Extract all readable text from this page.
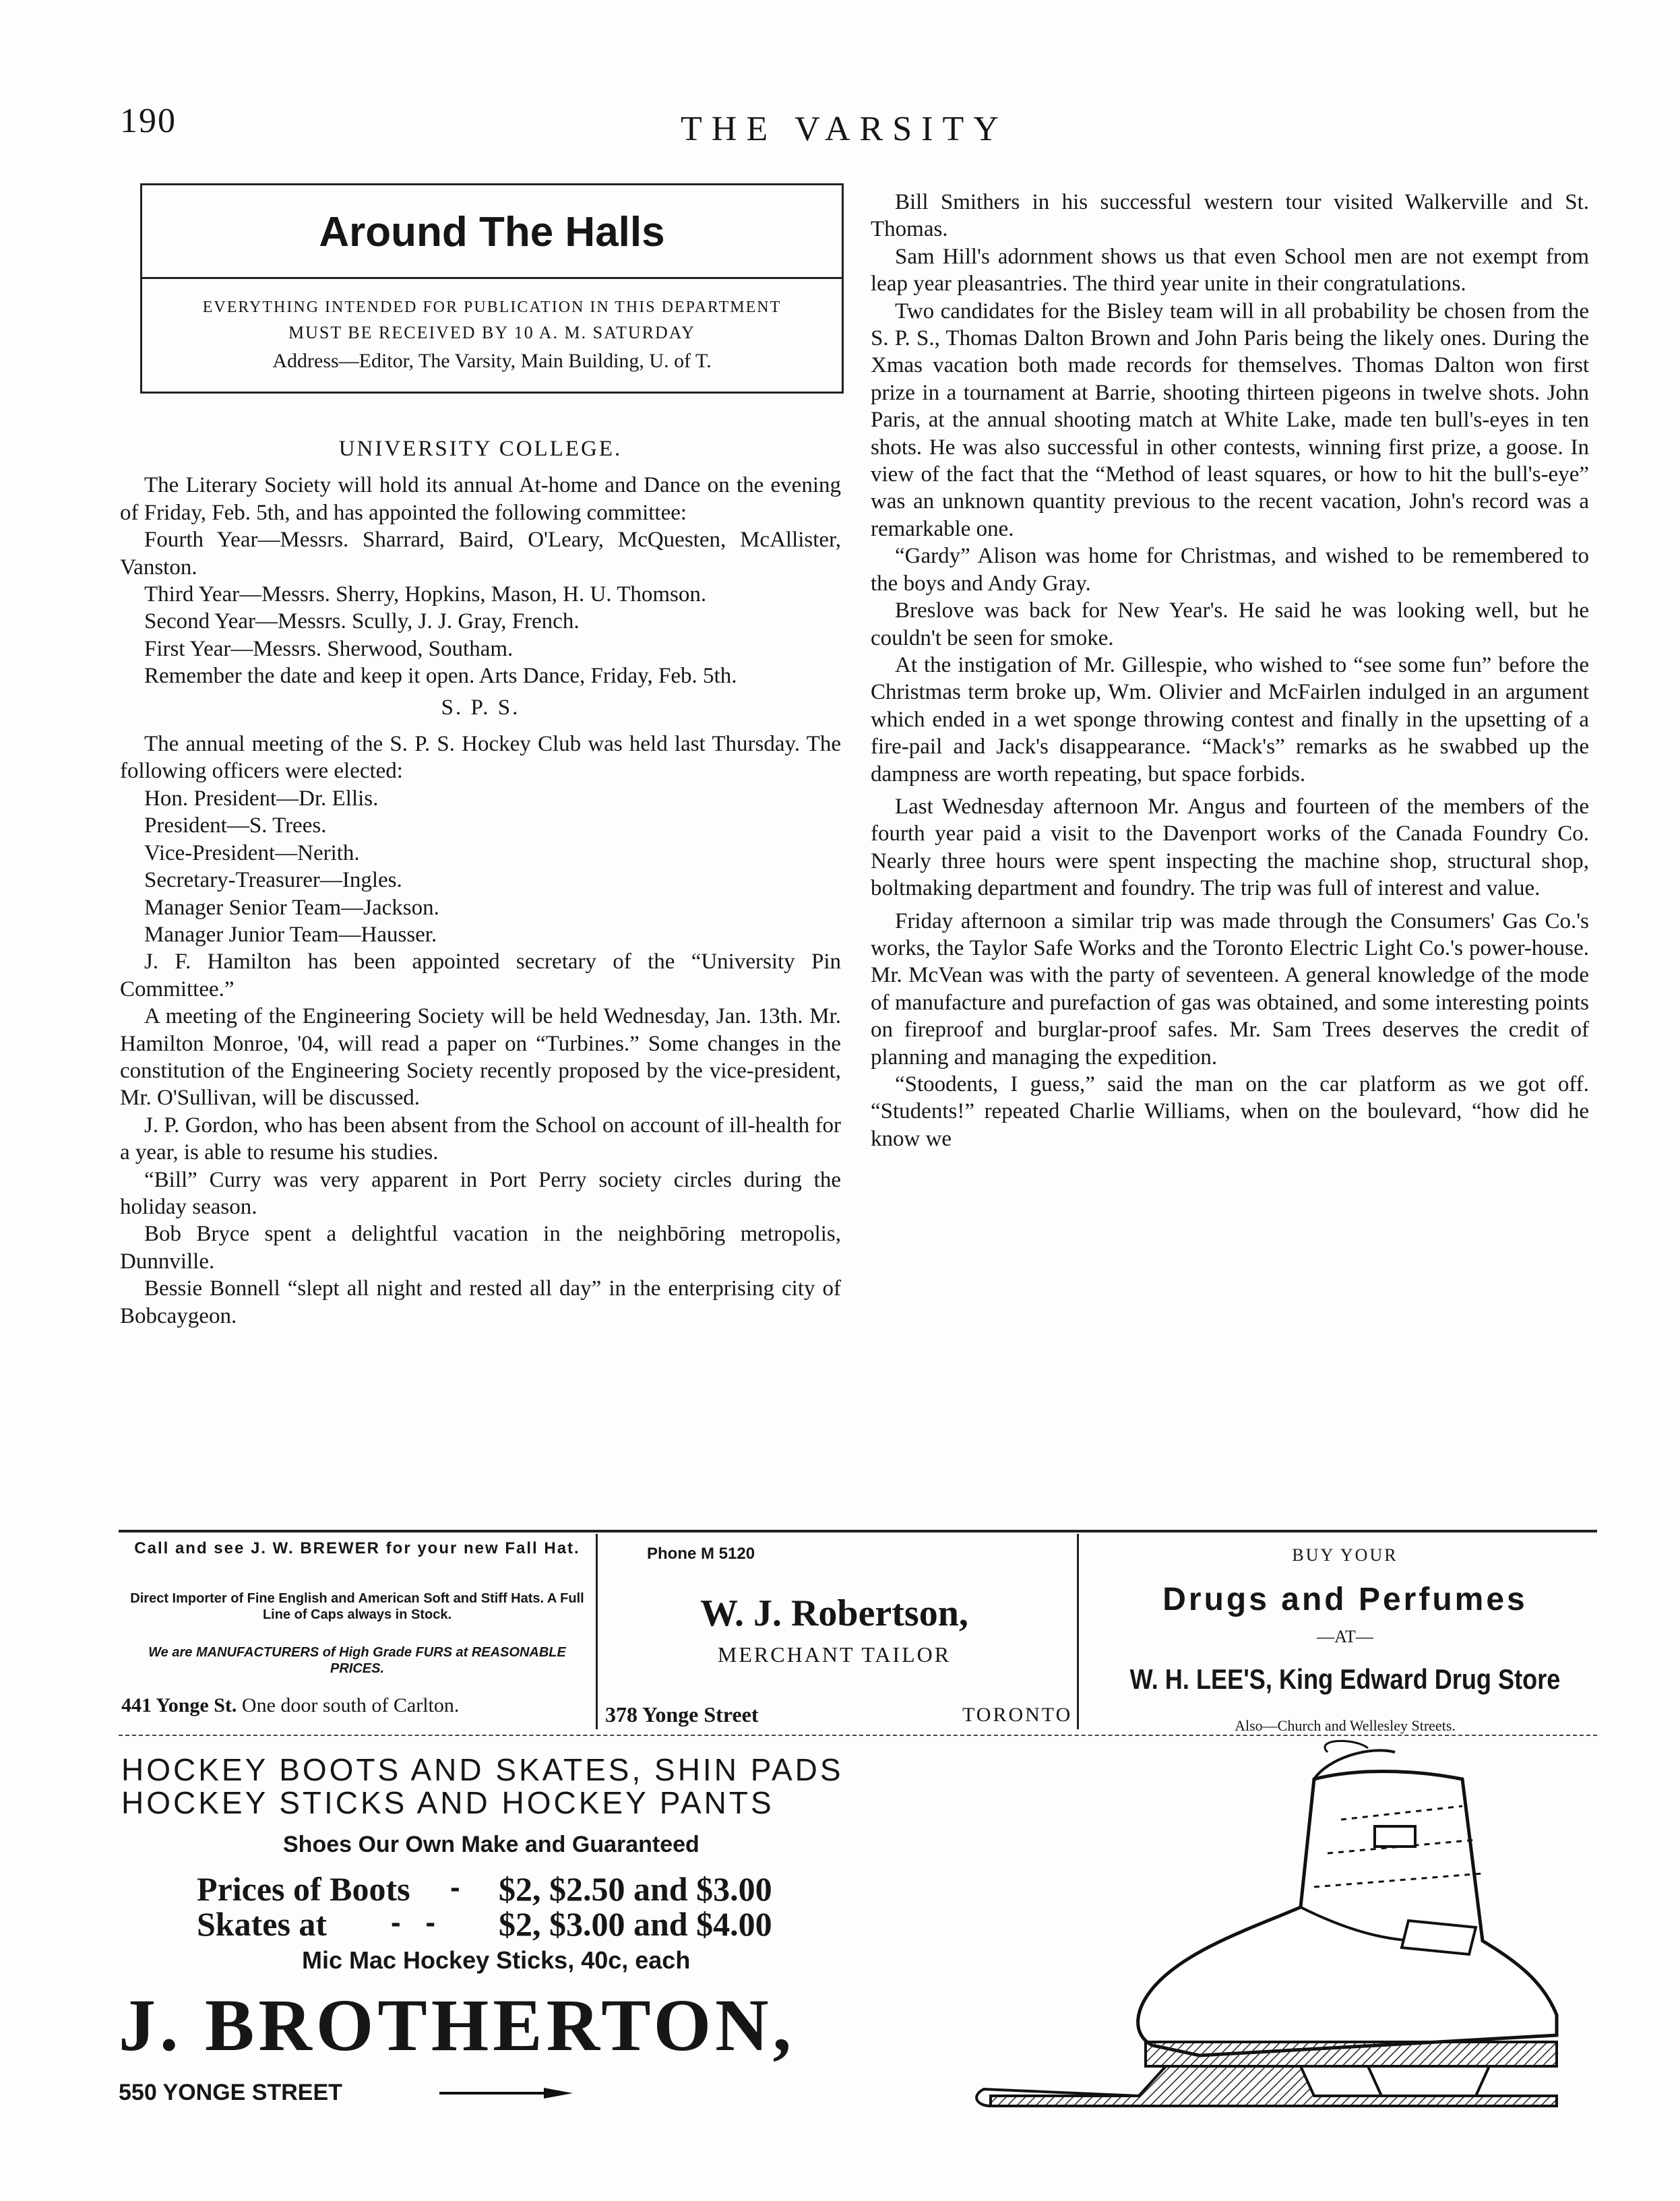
190	THE VARSITY
Around The Halls
EVERYTHING INTENDED FOR PUBLICATION IN THIS DEPARTMENT
MUST BE RECEIVED BY 10 A. M. SATURDAY
Address—Editor, The Varsity, Main Building, U. of T.

UNIVERSITY COLLEGE.

The Literary Society will hold its annual At-home and Dance on the evening of Friday, Feb. 5th, and has appointed the following committee:

Fourth Year—Messrs. Sharrard, Baird, O'Leary, McQuesten, McAllister, Vanston.

Third Year—Messrs. Sherry, Hopkins, Mason, H. U. Thomson.

Second Year—Messrs. Scully, J. J. Gray, French.

First Year—Messrs. Sherwood, Southam.

Remember the date and keep it open. Arts Dance, Friday, Feb. 5th.

S. P. S.

The annual meeting of the S. P. S. Hockey Club was held last Thursday. The following officers were elected:

Hon. President—Dr. Ellis.

President—S. Trees.

Vice-President—Nerith.

Secretary-Treasurer—Ingles.

Manager Senior Team—Jackson.

Manager Junior Team—Hausser.

J. F. Hamilton has been appointed secretary of the “University Pin Committee.”

A meeting of the Engineering Society will be held Wednesday, Jan. 13th. Mr. Hamilton Monroe, '04, will read a paper on “Turbines.” Some changes in the constitution of the Engineering Society recently proposed by the vice-president, Mr. O'Sullivan, will be discussed.

J. P. Gordon, who has been absent from the School on account of ill-health for a year, is able to resume his studies.

“Bill” Curry was very apparent in Port Perry society circles during the holiday season.

Bob Bryce spent a delightful vacation in the neighbōring metropolis, Dunnville.

Bessie Bonnell “slept all night and rested all day” in the enterprising city of Bobcaygeon.

Bill Smithers in his successful western tour visited Walkerville and St. Thomas.

Sam Hill's adornment shows us that even School men are not exempt from leap year pleasantries. The third year unite in their congratulations.

Two candidates for the Bisley team will in all probability be chosen from the S. P. S., Thomas Dalton Brown and John Paris being the likely ones. During the Xmas vacation both made records for themselves. Thomas Dalton won first prize in a tournament at Barrie, shooting thirteen pigeons in twelve shots. John Paris, at the annual shooting match at White Lake, made ten bull's-eyes in ten shots. He was also successful in other contests, winning first prize, a goose. In view of the fact that the “Method of least squares, or how to hit the bull's-eye” was an unknown quantity previous to the recent vacation, John's record was a remarkable one.

“Gardy” Alison was home for Christmas, and wished to be remembered to the boys and Andy Gray.

Breslove was back for New Year's. He said he was looking well, but he couldn't be seen for smoke.

At the instigation of Mr. Gillespie, who wished to “see some fun” before the Christmas term broke up, Wm. Olivier and McFairlen indulged in an argument which ended in a wet sponge throwing contest and finally in the upsetting of a fire-pail and Jack's disappearance. “Mack's” remarks as he swabbed up the dampness are worth repeating, but space forbids.

Last Wednesday afternoon Mr. Angus and fourteen of the members of the fourth year paid a visit to the Davenport works of the Canada Foundry Co. Nearly three hours were spent inspecting the machine shop, structural shop, boltmaking department and foundry. The trip was full of interest and value.

Friday afternoon a similar trip was made through the Consumers' Gas Co.'s works, the Taylor Safe Works and the Toronto Electric Light Co.'s power-house. Mr. McVean was with the party of seventeen. A general knowledge of the mode of manufacture and purefaction of gas was obtained, and some interesting points on fireproof and burglar-proof safes. Mr. Sam Trees deserves the credit of planning and managing the expedition.

“Stoodents, I guess,” said the man on the car platform as we got off. “Students!” repeated Charlie Williams, when on the boulevard, “how did he know we

Call and see J. W. BREWER for your new Fall Hat.
Direct Importer of Fine English and American Soft and Stiff Hats. A Full Line of Caps always in Stock.
We are MANUFACTURERS of High Grade FURS at REASONABLE PRICES.
441 Yonge St. One door south of Carlton.
Phone M 5120
W. J. Robertson,
MERCHANT TAILOR
378 Yonge Street	TORONTO
BUY YOUR
Drugs and Perfumes
—AT—
W. H. LEE'S, King Edward Drug Store
Also—Church and Wellesley Streets.
HOCKEY BOOTS AND SKATES, SHIN PADS
HOCKEY STICKS AND HOCKEY PANTS
Shoes Our Own Make and Guaranteed
Prices of Boots - $2, $2.50 and $3.00
Skates at -   - $2, $3.00 and $4.00
Mic Mac Hockey Sticks, 40c, each
J. BROTHERTON,
550 YONGE STREET
